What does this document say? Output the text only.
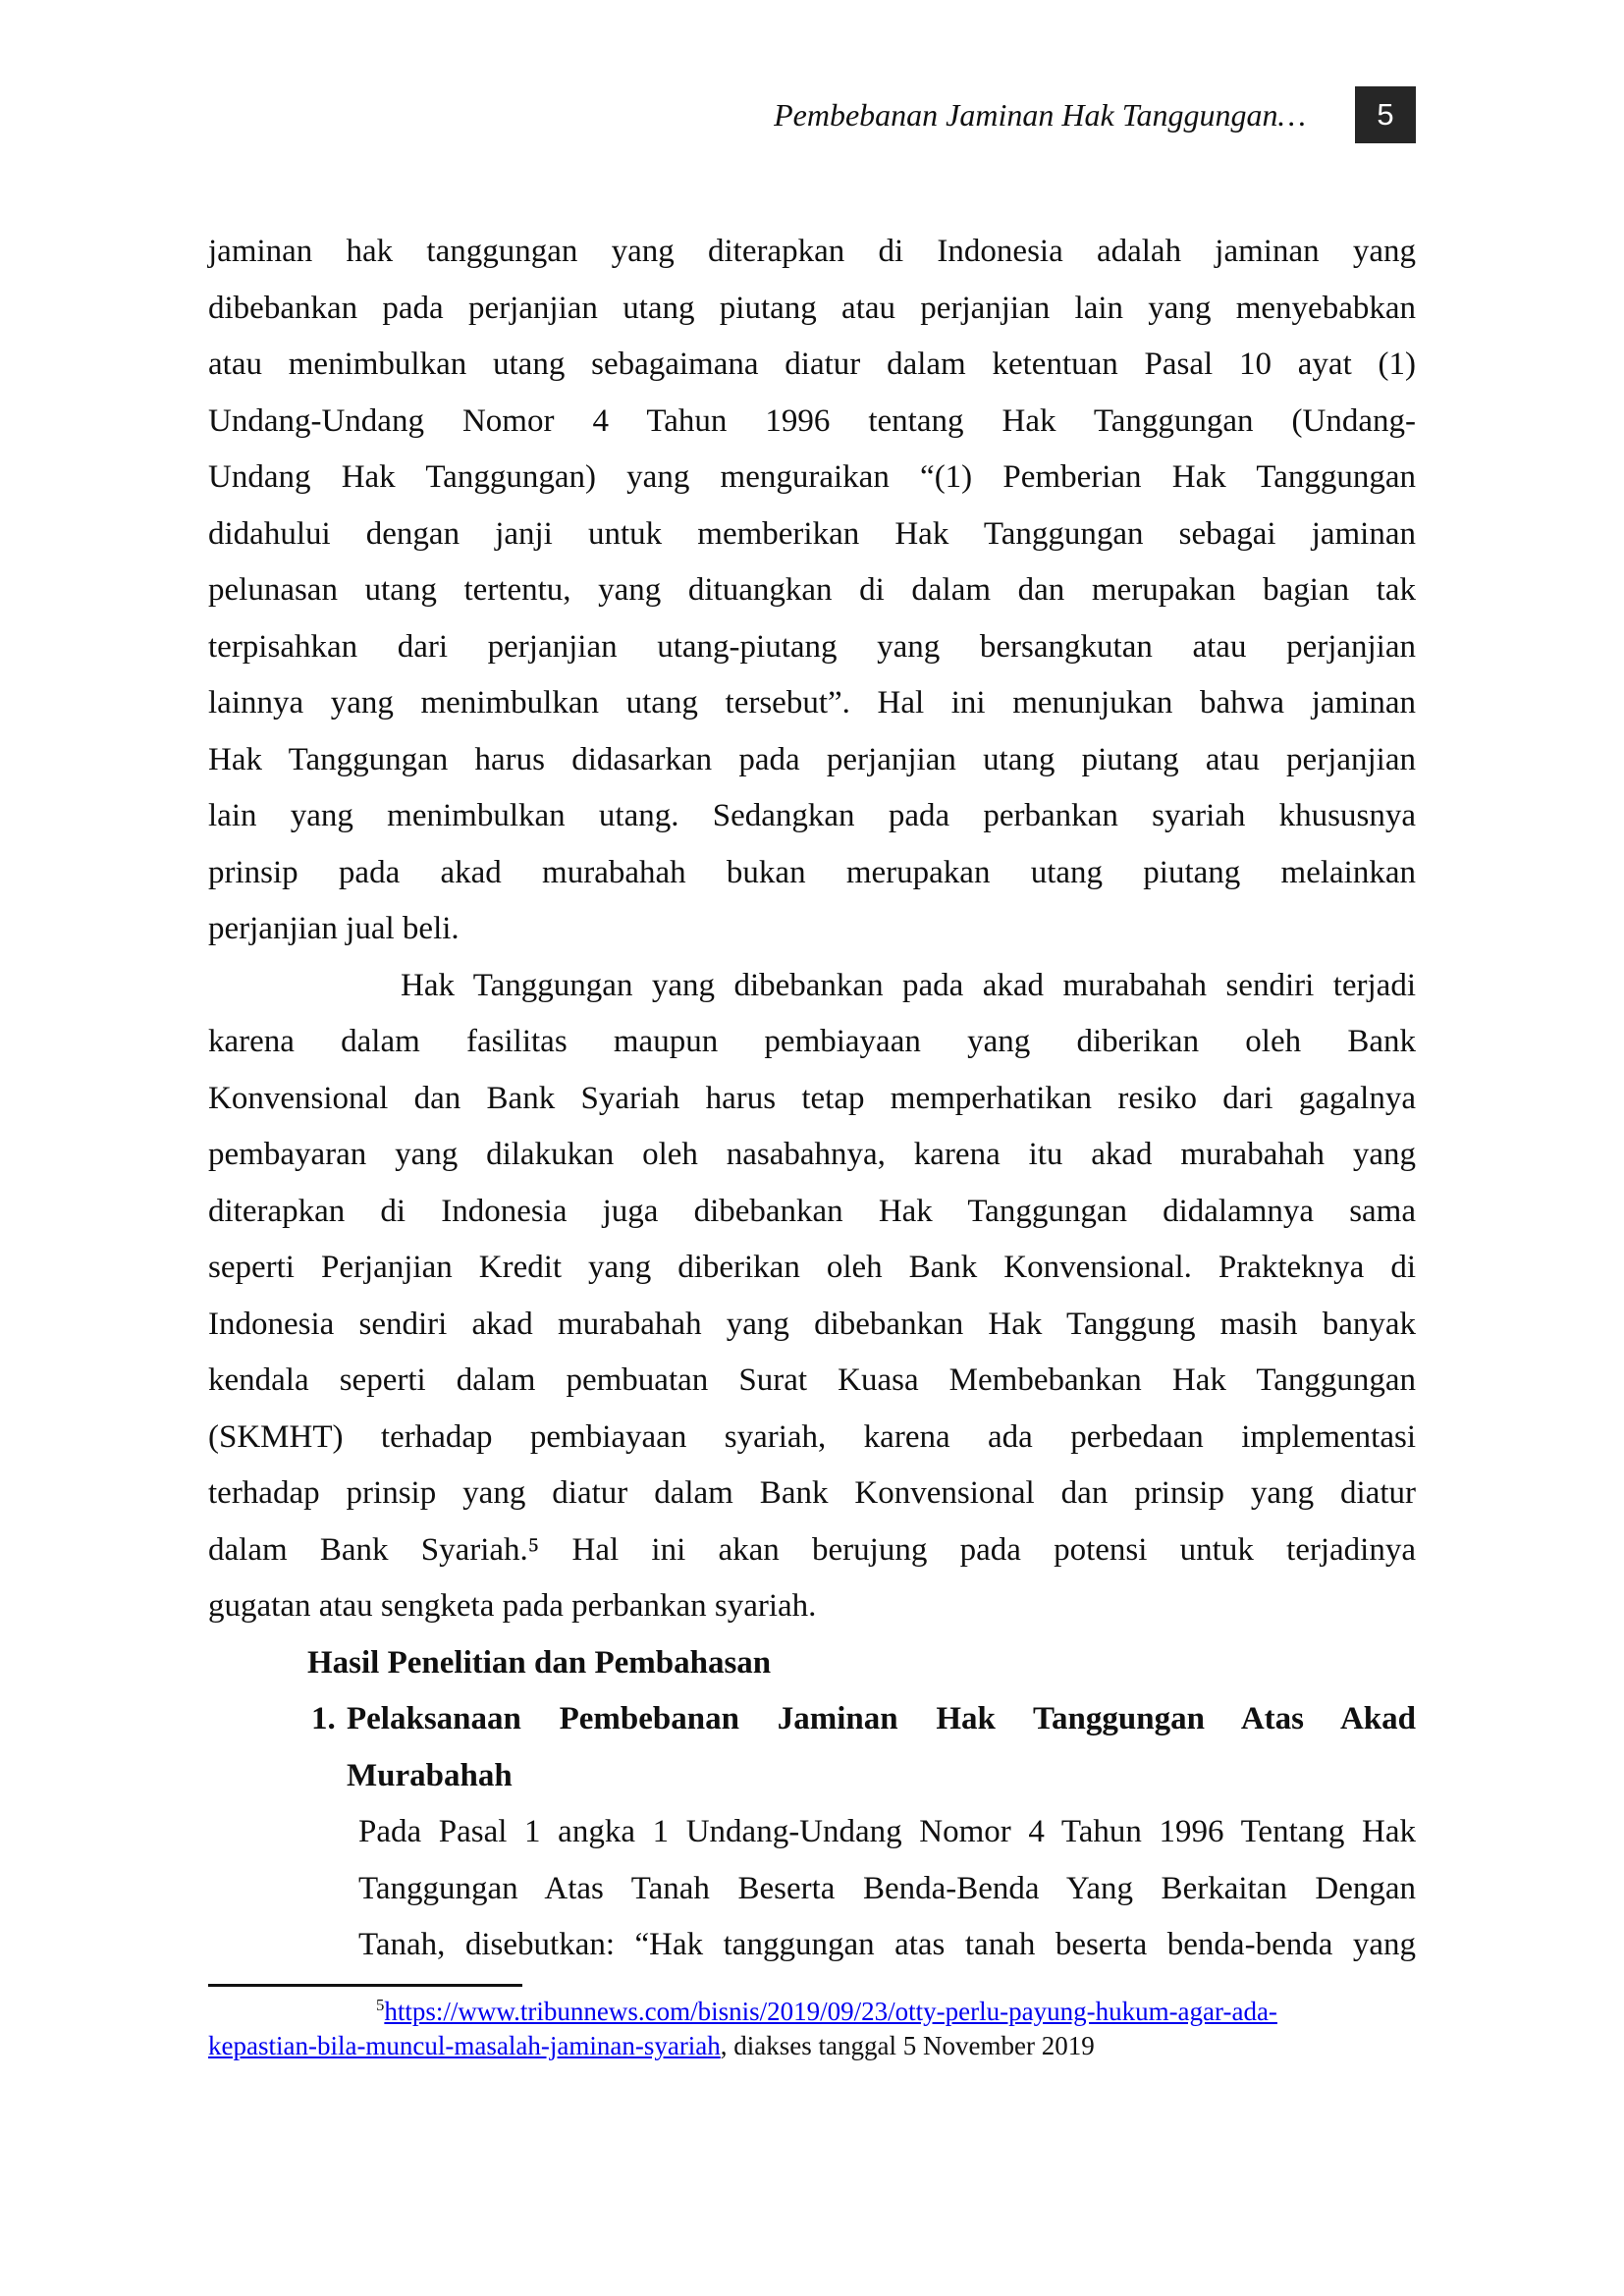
Pembebanan Jaminan Hak Tanggungan… 5
jaminan hak tanggungan yang diterapkan di Indonesia adalah jaminan yang
dibebankan pada perjanjian utang piutang atau perjanjian lain yang menyebabkan
atau menimbulkan utang sebagaimana diatur dalam ketentuan Pasal 10 ayat (1)
Undang-Undang Nomor 4 Tahun 1996 tentang Hak Tanggungan (Undang-
Undang Hak Tanggungan) yang menguraikan “(1) Pemberian Hak Tanggungan
didahului dengan janji untuk memberikan Hak Tanggungan sebagai jaminan
pelunasan utang tertentu, yang dituangkan di dalam dan merupakan bagian tak
terpisahkan dari perjanjian utang-piutang yang bersangkutan atau perjanjian
lainnya yang menimbulkan utang tersebut”. Hal ini menunjukan bahwa jaminan
Hak Tanggungan harus didasarkan pada perjanjian utang piutang atau perjanjian
lain yang menimbulkan utang. Sedangkan pada perbankan syariah khususnya
prinsip pada akad murabahah bukan merupakan utang piutang melainkan
perjanjian jual beli.
Hak Tanggungan yang dibebankan pada akad murabahah sendiri terjadi
karena dalam fasilitas maupun pembiayaan yang diberikan oleh Bank
Konvensional dan Bank Syariah harus tetap memperhatikan resiko dari gagalnya
pembayaran yang dilakukan oleh nasabahnya, karena itu akad murabahah yang
diterapkan di Indonesia juga dibebankan Hak Tanggungan didalamnya sama
seperti Perjanjian Kredit yang diberikan oleh Bank Konvensional. Prakteknya di
Indonesia sendiri akad murabahah yang dibebankan Hak Tanggung masih banyak
kendala seperti dalam pembuatan Surat Kuasa Membebankan Hak Tanggungan
(SKMHT) terhadap pembiayaan syariah, karena ada perbedaan implementasi
terhadap prinsip yang diatur dalam Bank Konvensional dan prinsip yang diatur
dalam Bank Syariah.⁵ Hal ini akan berujung pada potensi untuk terjadinya
gugatan atau sengketa pada perbankan syariah.
Hasil Penelitian dan Pembahasan
1. Pelaksanaan Pembebanan Jaminan Hak Tanggungan Atas Akad
Murabahah
Pada Pasal 1 angka 1 Undang-Undang Nomor 4 Tahun 1996 Tentang Hak
Tanggungan Atas Tanah Beserta Benda-Benda Yang Berkaitan Dengan
Tanah, disebutkan: “Hak tanggungan atas tanah beserta benda-benda yang
$^5$https://www.tribunnews.com/bisnis/2019/09/23/otty-perlu-payung-hukum-agar-ada-
kepastian-bila-muncul-masalah-jaminan-syariah, diakses tanggal 5 November 2019
